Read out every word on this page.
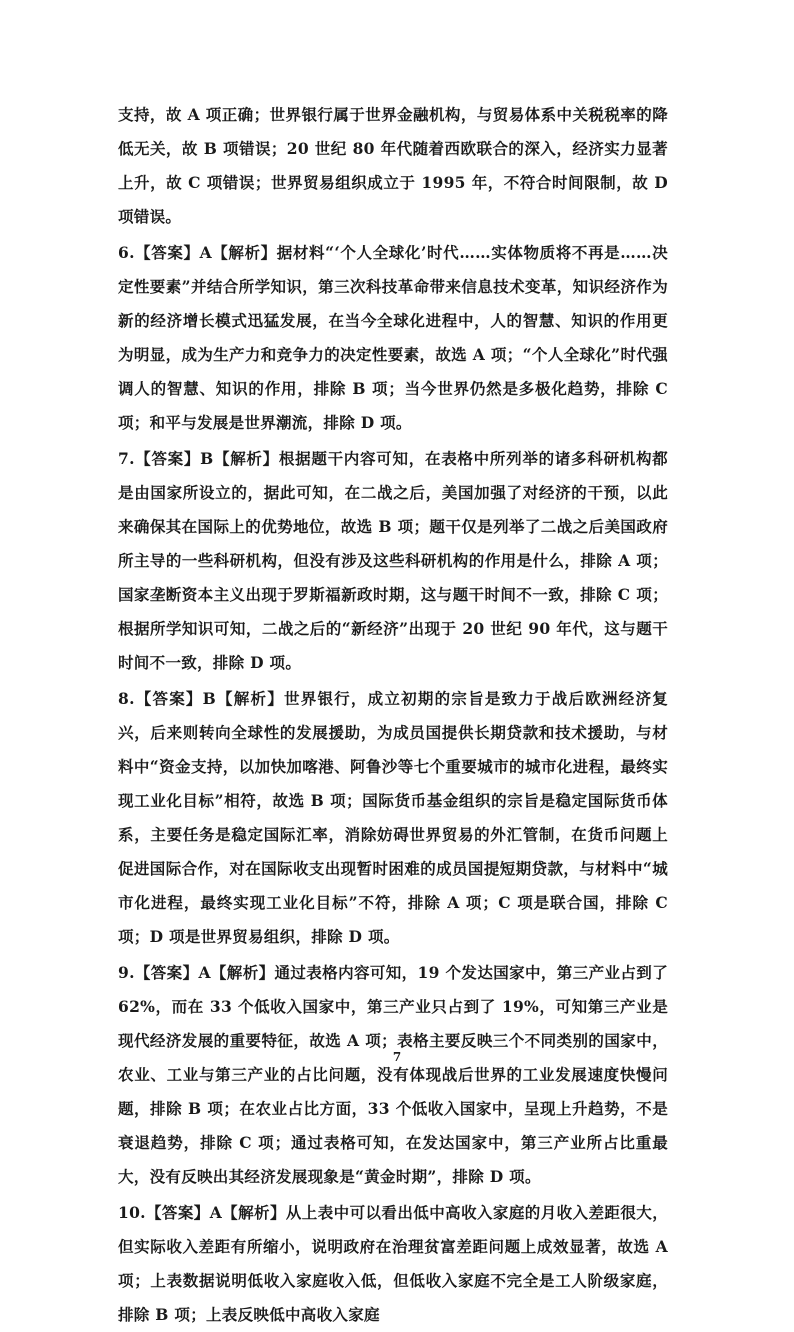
支持，故 A 项正确；世界银行属于世界金融机构，与贸易体系中关税税率的降低无关，故 B 项错误；20 世纪 80 年代随着西欧联合的深入，经济实力显著上升，故 C 项错误；世界贸易组织成立于 1995 年，不符合时间限制，故 D 项错误。

6.【答案】A【解析】据材料“‘个人全球化’时代……实体物质将不再是……决定性要素”并结合所学知识，第三次科技革命带来信息技术变革，知识经济作为新的经济增长模式迅猛发展，在当今全球化进程中，人的智慧、知识的作用更为明显，成为生产力和竞争力的决定性要素，故选 A 项；“个人全球化”时代强调人的智慧、知识的作用，排除 B 项；当今世界仍然是多极化趋势，排除 C 项；和平与发展是世界潮流，排除 D 项。

7.【答案】B【解析】根据题干内容可知，在表格中所列举的诸多科研机构都是由国家所设立的，据此可知，在二战之后，美国加强了对经济的干预，以此来确保其在国际上的优势地位，故选 B 项；题干仅是列举了二战之后美国政府所主导的一些科研机构，但没有涉及这些科研机构的作用是什么，排除 A 项；国家垄断资本主义出现于罗斯福新政时期，这与题干时间不一致，排除 C 项；根据所学知识可知，二战之后的“新经济”出现于 20 世纪 90 年代，这与题干时间不一致，排除 D 项。

8.【答案】B【解析】世界银行，成立初期的宗旨是致力于战后欧洲经济复兴，后来则转向全球性的发展援助，为成员国提供长期贷款和技术援助，与材料中“资金支持，以加快加喀港、阿鲁沙等七个重要城市的城市化进程，最终实现工业化目标”相符，故选 B 项；国际货币基金组织的宗旨是稳定国际货币体系，主要任务是稳定国际汇率，消除妨碍世界贸易的外汇管制，在货币问题上促进国际合作，对在国际收支出现暂时困难的成员国提短期贷款，与材料中“城市化进程，最终实现工业化目标”不符，排除 A 项；C 项是联合国，排除 C 项；D 项是世界贸易组织，排除 D 项。

9.【答案】A【解析】通过表格内容可知，19 个发达国家中，第三产业占到了 62%，而在 33 个低收入国家中，第三产业只占到了 19%，可知第三产业是现代经济发展的重要特征，故选 A 项；表格主要反映三个不同类别的国家中，农业、工业与第三产业的占比问题，没有体现战后世界的工业发展速度快慢问题，排除 B 项；在农业占比方面，33 个低收入国家中，呈现上升趋势，不是衰退趋势，排除 C 项；通过表格可知，在发达国家中，第三产业所占比重最大，没有反映出其经济发展现象是“黄金时期”，排除 D 项。

10.【答案】A【解析】从上表中可以看出低中高收入家庭的月收入差距很大，但实际收入差距有所缩小，说明政府在治理贫富差距问题上成效显著，故选 A 项；上表数据说明低收入家庭收入低，但低收入家庭不完全是工人阶级家庭，排除 B 项；上表反映低中高收入家庭

7
